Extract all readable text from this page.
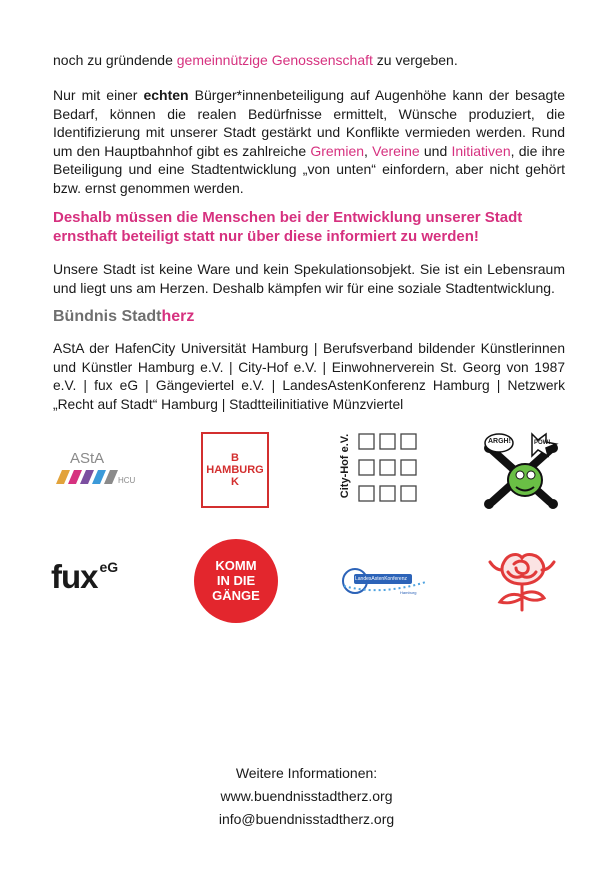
noch zu gründende gemeinnützige Genossenschaft zu vergeben.
Nur mit einer echten Bürger*innenbeteiligung auf Augenhöhe kann der besagte Bedarf, können die realen Bedürfnisse ermittelt, Wünsche produziert, die Identifizierung mit unserer Stadt gestärkt und Konflikte vermieden werden. Rund um den Hauptbahnhof gibt es zahlreiche Gremien, Vereine und Initiativen, die ihre Beteiligung und eine Stadtentwicklung „von unten“ einfordern, aber nicht gehört bzw. ernst genommen werden.
Deshalb müssen die Menschen bei der Entwicklung unserer Stadt ernsthaft beteiligt statt nur über diese informiert zu werden!
Unsere Stadt ist keine Ware und kein Spekulationsobjekt. Sie ist ein Lebensraum und liegt uns am Herzen. Deshalb kämpfen wir für eine soziale Stadtentwicklung.
Bündnis Stadtherz
AStA der HafenCity Universität Hamburg | Berufsverband bildender Künstlerinnen und Künstler Hamburg e.V. | City-Hof e.V. | Einwohnerverein St. Georg von 1987 e.V. | fux eG | Gängeviertel e.V. | LandesAstenKonferenz Hamburg | Netzwerk „Recht auf Stadt“ Hamburg | Stadtteilinitiative Münzviertel
AStA
HCU
B
HAMBURG
K	City-Hof e.V.	ARGH!	POW!
fux eG	KOMM
IN DIE
GÄNGE
LandesAstenKonferenz
Hamburg
Weitere Informationen:
www.buendnisstadtherz.org
info@buendnisstadtherz.org
